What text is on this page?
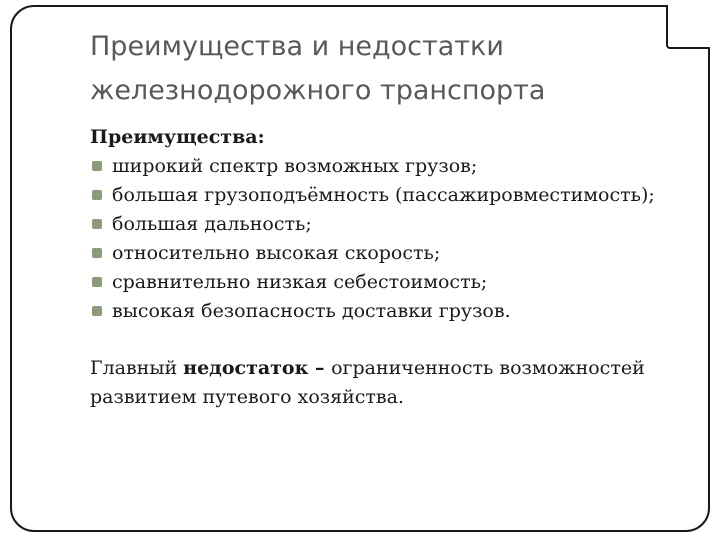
Преимущества и недостатки
железнодорожного транспорта
Преимущества:
широкий спектр возможных грузов;
большая грузоподъёмность (пассажировместимость);
большая дальность;
относительно высокая скорость;
сравнительно низкая себестоимость;
высокая безопасность доставки грузов.
Главный недостаток – ограниченность возможностей развитием путевого хозяйства.
